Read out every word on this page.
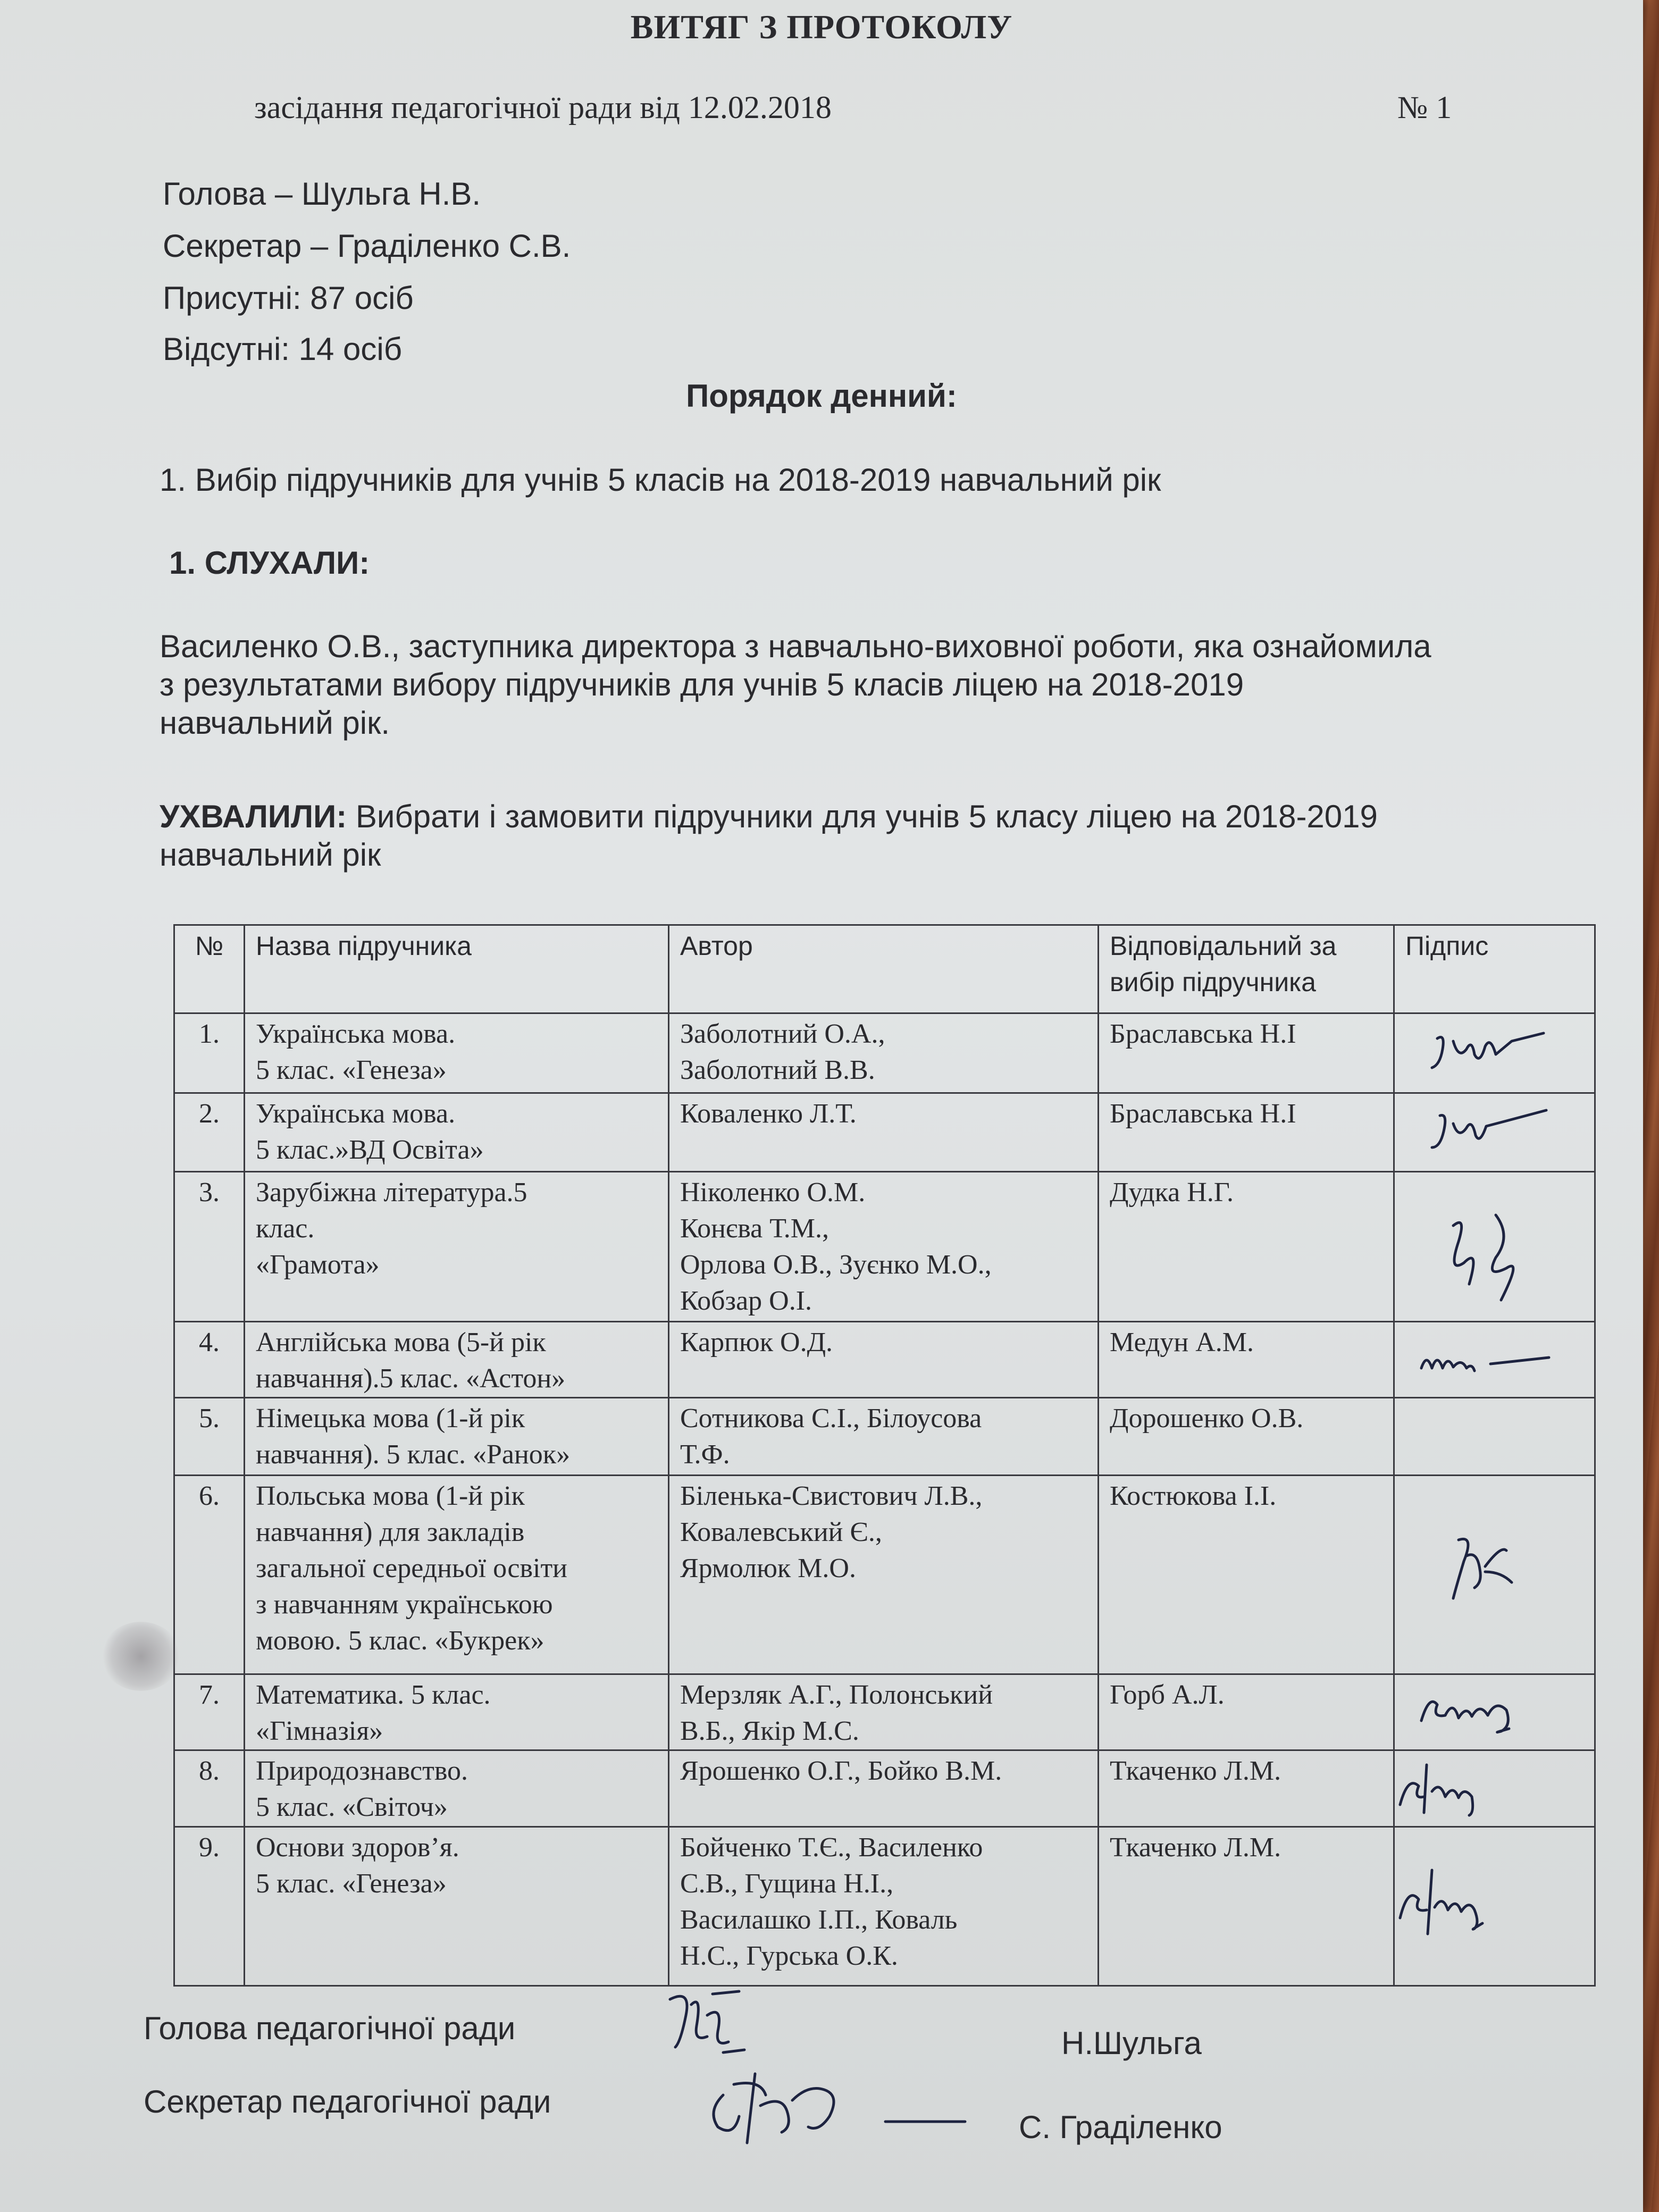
ВИТЯГ З ПРОТОКОЛУ
засідання педагогічної ради від 12.02.2018	№ 1
Голова – Шульга Н.В.
Секретар – Граділенко С.В.
Присутні: 87 осіб
Відсутні: 14 осіб
Порядок денний:
1. Вибір підручників для учнів 5 класів на 2018-2019 навчальний рік
1. СЛУХАЛИ:
Василенко О.В., заступника директора з навчально-виховної роботи, яка ознайомила
з результатами вибору підручників для учнів 5 класів ліцею на 2018-2019
навчальний рік.
УХВАЛИЛИ: Вибрати і замовити підручники для учнів 5 класу ліцею на 2018-2019
навчальний рік
№	Назва підручника	Автор	Відповідальний за
вибір підручника	Підпис
1.	Українська мова.
5 клас. «Генеза»	Заболотний О.А.,
Заболотний В.В.	Браславська Н.І	

2.	Українська мова.
5 клас.»ВД Освіта»	Коваленко Л.Т.	Браславська Н.І	

3.	Зарубіжна література.5
клас.
«Грамота»	Ніколенко О.М.
Конєва Т.М.,
Орлова О.В., Зуєнко М.О.,
Кобзар О.І.	Дудка Н.Г.	

4.	Англійська мова (5-й рік
навчання).5 клас. «Астон»	Карпюк О.Д.	Медун А.М.	

5.	Німецька мова (1-й рік
навчання). 5 клас. «Ранок»	Сотникова С.І., Білоусова
Т.Ф.	Дорошенко О.В.	
6.	Польська мова (1-й рік
навчання) для закладів
загальної середньої освіти
з навчанням українською
мовою. 5 клас. «Букрек»	Біленька-Свистович Л.В.,
Ковалевський Є.,
Ярмолюк М.О.	Костюкова І.І.	

7.	Математика. 5 клас.
«Гімназія»	Мерзляк А.Г., Полонський
В.Б., Якір М.С.	Горб А.Л.	

8.	Природознавство.
5 клас. «Світоч»	Ярошенко О.Г., Бойко В.М.	Ткаченко Л.М.	

9.	Основи здоров’я.
5 клас. «Генеза»	Бойченко Т.Є., Василенко
С.В., Гущина Н.І.,
Василашко І.П., Коваль
Н.С., Гурська О.К.	Ткаченко Л.М.	
Голова педагогічної ради	Н.Шульга
Секретар педагогічної ради
С. Граділенко
